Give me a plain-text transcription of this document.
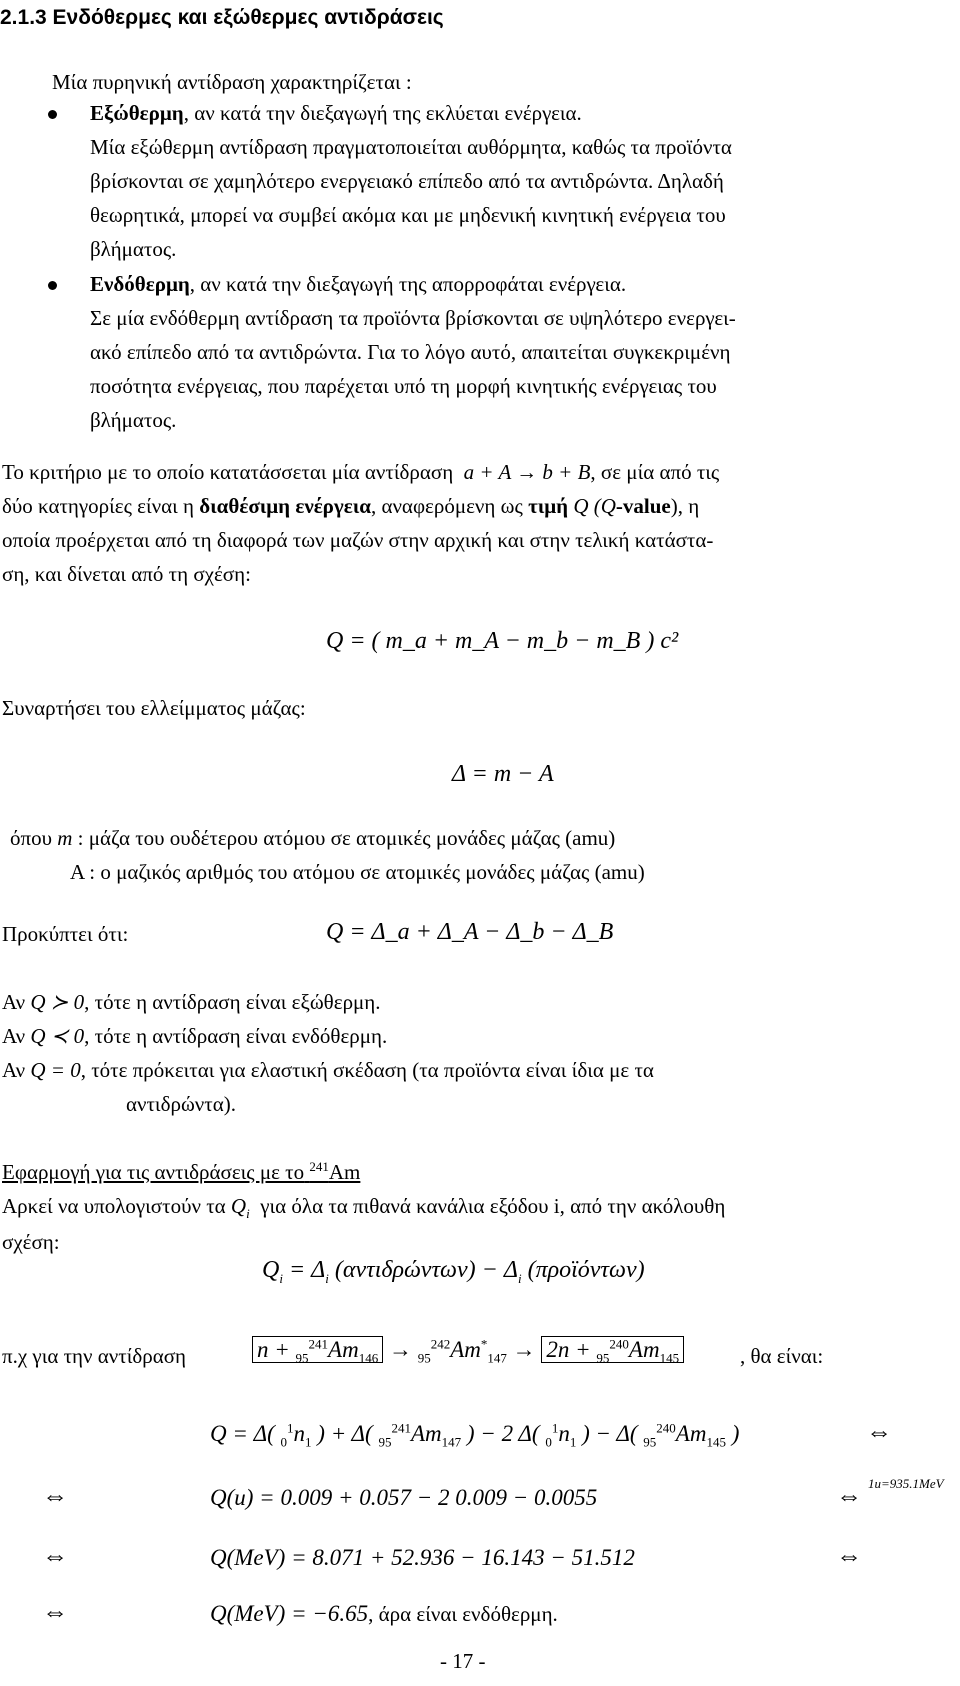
2.1.3 Ενδόθερμες και εξώθερμες αντιδράσεις
Μία πυρηνική αντίδραση χαρακτηρίζεται :
Εξώθερμη, αν κατά την διεξαγωγή της εκλύεται ενέργεια.
Μία εξώθερμη αντίδραση πραγματοποιείται αυθόρμητα, καθώς τα προϊόντα
βρίσκονται σε χαμηλότερο ενεργειακό επίπεδο από τα αντιδρώντα. Δηλαδή
θεωρητικά, μπορεί να συμβεί ακόμα και με μηδενική κινητική ενέργεια του
βλήματος.
Ενδόθερμη, αν κατά την διεξαγωγή της απορροφάται ενέργεια.
Σε μία ενδόθερμη αντίδραση τα προϊόντα βρίσκονται σε υψηλότερο ενεργει-
ακό επίπεδο από τα αντιδρώντα. Για το λόγο αυτό, απαιτείται συγκεκριμένη
ποσότητα ενέργειας, που παρέχεται υπό τη μορφή κινητικής ενέργειας του
βλήματος.
Το κριτήριο με το οποίο κατατάσσεται μία αντίδραση a + A → b + B, σε μία από τις
δύο κατηγορίες είναι η διαθέσιμη ενέργεια, αναφερόμενη ως τιμή Q (Q-value), η
οποία προέρχεται από τη διαφορά των μαζών στην αρχική και στην τελική κατάστα-
ση, και δίνεται από τη σχέση:
Q = ( m_a + m_A − m_b − m_B ) c²
Συναρτήσει του ελλείμματος μάζας:
Δ = m − A
όπου m : μάζα του ουδέτερου ατόμου σε ατομικές μονάδες μάζας (amu)
A : ο μαζικός αριθμός του ατόμου σε ατομικές μονάδες μάζας (amu)
Προκύπτει ότι:	Q = Δ_a + Δ_A − Δ_b − Δ_B
Αν Q ≻ 0, τότε η αντίδραση είναι εξώθερμη.
Αν Q ≺ 0, τότε η αντίδραση είναι ενδόθερμη.
Αν Q = 0, τότε πρόκειται για ελαστική σκέδαση (τα προϊόντα είναι ίδια με τα
αντιδρώντα).
Εφαρμογή για τις αντιδράσεις με το $^{241}$Am
Αρκεί να υπολογιστούν τα $Q_i$ για όλα τα πιθανά κανάλια εξόδου i, από την ακόλουθη
σχέση:
$Q_i = \Delta_i$ $(\alpha\nu\tau\iota\delta\rho ώ\nu\tau\omega\nu) - \Delta_i$ (προϊόντων)
π.χ για την αντίδραση	$n + _{95}^{241}Am_{146} \to _{95}^{242}Am^*_{147} \to 2n + _{95}^{240}Am_{145}$	, θα είναι:
Q = Δ( $_0^1n_1$ ) + Δ( $_{95}^{241}Am_{147}$ ) − 2 Δ( $_0^1n_1$ ) − Δ( $_{95}^{240}Am_{145}$ )	⇔
⇔	Q(u) = 0.009 + 0.057 − 2 0.009 − 0.0055	⇔ 1u=935.1MeV
⇔	Q(MeV) = 8.071 + 52.936 − 16.143 − 51.512	⇔
⇔	Q(MeV) = −6.65, άρα είναι ενδόθερμη.
- 17 -
